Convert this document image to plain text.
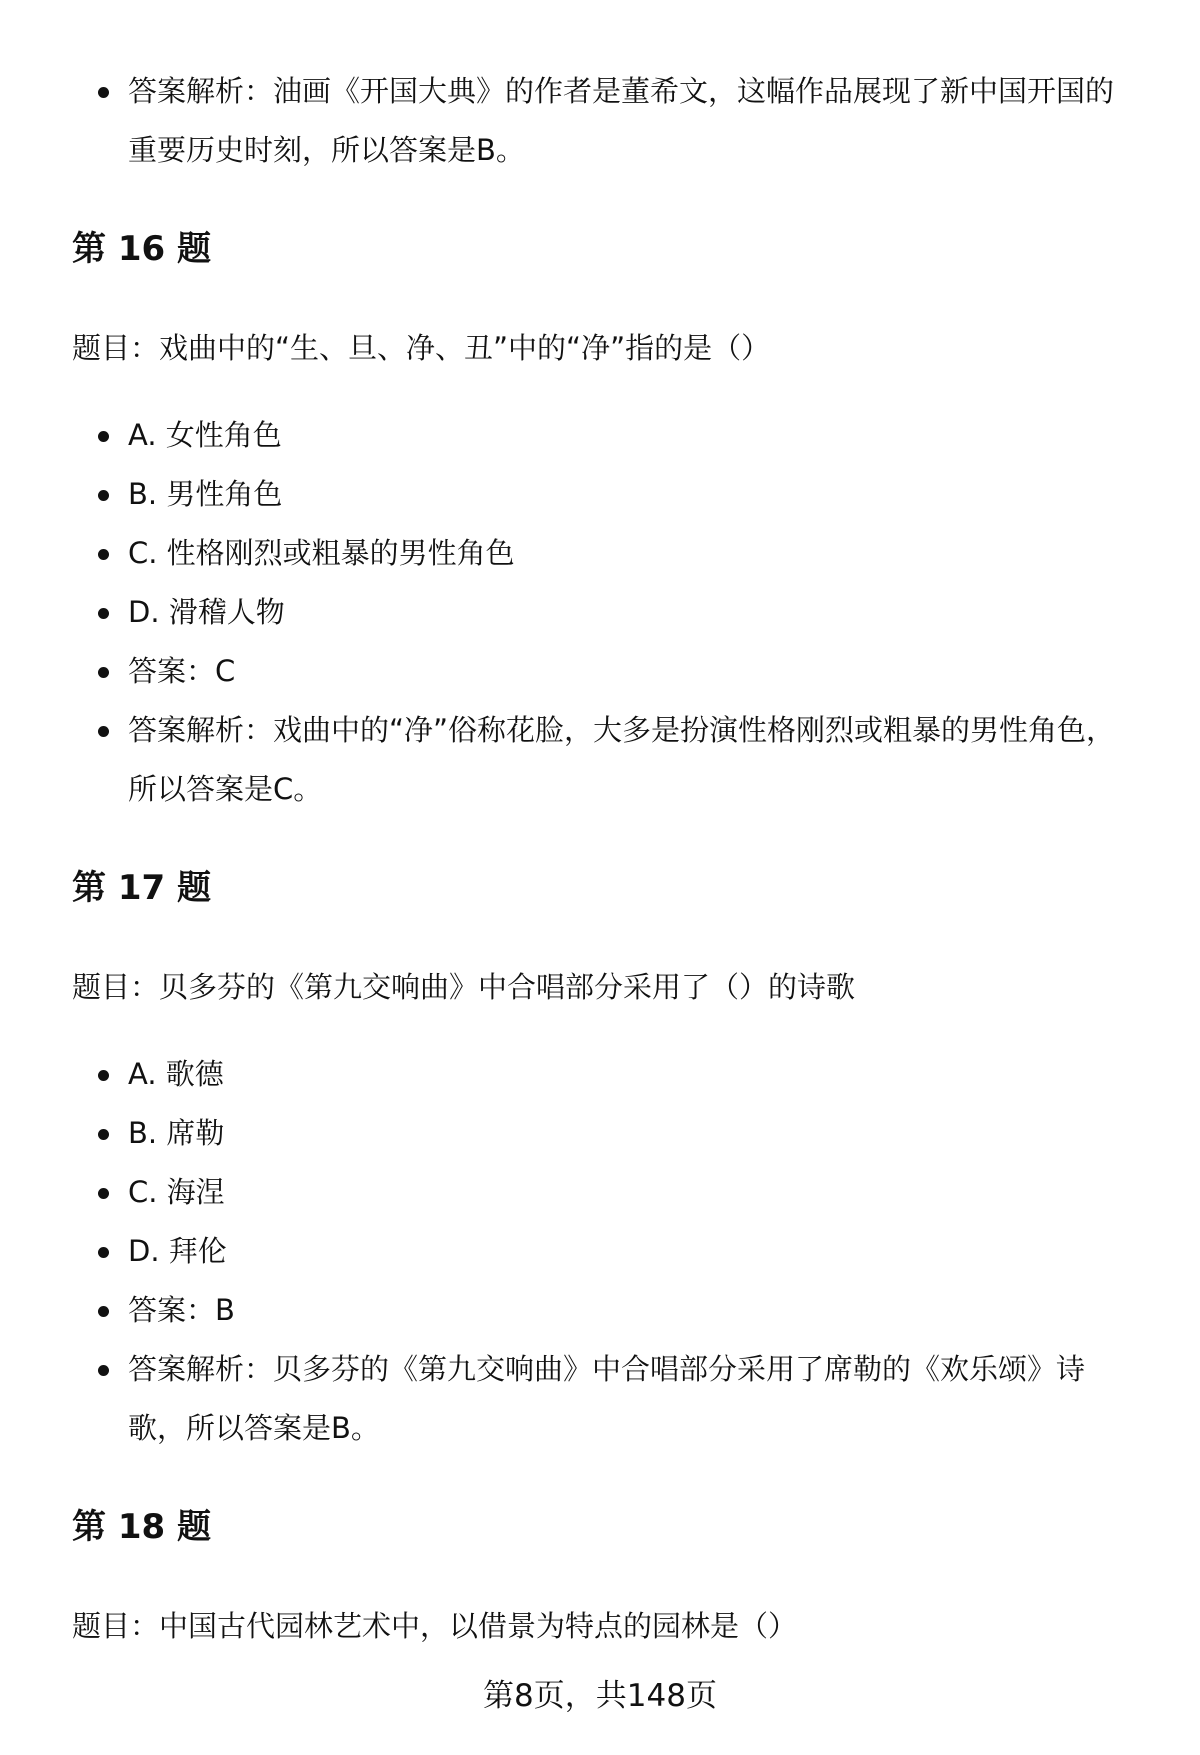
答案解析：油画《开国大典》的作者是董希文，这幅作品展现了新中国开国的重要历史时刻，所以答案是B。
第 16 题

题目：戏曲中的“生、旦、净、丑”中的“净”指的是（）

A. 女性角色
B. 男性角色
C. 性格刚烈或粗暴的男性角色
D. 滑稽人物
答案：C
答案解析：戏曲中的“净”俗称花脸，大多是扮演性格刚烈或粗暴的男性角色，所以答案是C。
第 17 题

题目：贝多芬的《第九交响曲》中合唱部分采用了（）的诗歌

A. 歌德
B. 席勒
C. 海涅
D. 拜伦
答案：B
答案解析：贝多芬的《第九交响曲》中合唱部分采用了席勒的《欢乐颂》诗歌，所以答案是B。
第 18 题

题目：中国古代园林艺术中，以借景为特点的园林是（）

第8页，共148页
